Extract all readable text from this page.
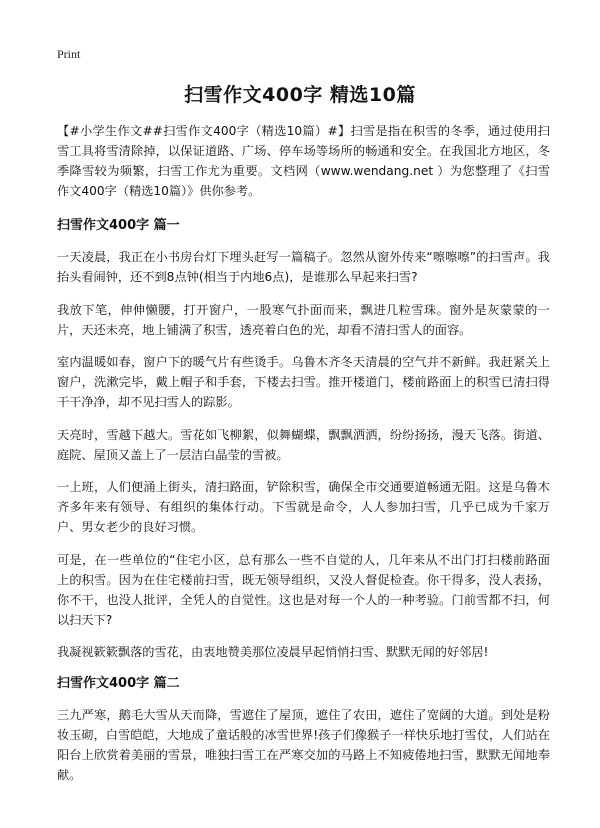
Print
扫雪作文400字 精选10篇

【#小学生作文##扫雪作文400字（精选10篇）#】扫雪是指在积雪的冬季，通过使用扫雪工具将雪清除掉，以保证道路、广场、停车场等场所的畅通和安全。在我国北方地区，冬季降雪较为频繁，扫雪工作尤为重要。文档网（www.wendang.net ）为您整理了《扫雪作文400字（精选10篇）》供你参考。

扫雪作文400字 篇一

一天凌晨，我正在小书房台灯下埋头赶写一篇稿子。忽然从窗外传来“嚓嚓嚓”的扫雪声。我抬头看闹钟，还不到8点钟(相当于内地6点)，是谁那么早起来扫雪?

我放下笔，伸伸懒腰，打开窗户，一股寒气扑面而来，飘进几粒雪珠。窗外是灰蒙蒙的一片，天还未亮，地上铺满了积雪，透亮着白色的光，却看不清扫雪人的面容。

室内温暖如春，窗户下的暖气片有些烫手。乌鲁木齐冬天清晨的空气并不新鲜。我赶紧关上窗户，洗漱完毕，戴上帽子和手套，下楼去扫雪。推开楼道门，楼前路面上的积雪已清扫得干干净净，却不见扫雪人的踪影。

天亮时，雪越下越大。雪花如飞柳絮，似舞蝴蝶，飘飘洒洒，纷纷扬扬，漫天飞落。街道、庭院、屋顶又盖上了一层洁白晶莹的雪被。

一上班，人们便涌上街头，清扫路面，铲除积雪，确保全市交通要道畅通无阻。这是乌鲁木齐多年来有领导、有组织的集体行动。下雪就是命令，人人参加扫雪，几乎已成为千家万户、男女老少的良好习惯。

可是，在一些单位的“住宅小区，总有那么一些不自觉的人，几年来从不出门打扫楼前路面上的积雪。因为在住宅楼前扫雪，既无领导组织，又没人督促检查。你干得多，没人表扬，你不干，也没人批评，全凭人的自觉性。这也是对每一个人的一种考验。门前雪都不扫，何以扫天下?

我凝视簌簌飘落的雪花，由衷地赞美那位凌晨早起悄悄扫雪、默默无闻的好邻居!

扫雪作文400字 篇二

三九严寒，鹅毛大雪从天而降，雪遮住了屋顶，遮住了农田，遮住了宽阔的大道。到处是粉妆玉砌，白雪皑皑，大地成了童话般的冰雪世界!孩子们像猴子一样快乐地打雪仗，人们站在阳台上欣赏着美丽的雪景，唯独扫雪工在严寒交加的马路上不知疲倦地扫雪，默默无闻地奉献。
